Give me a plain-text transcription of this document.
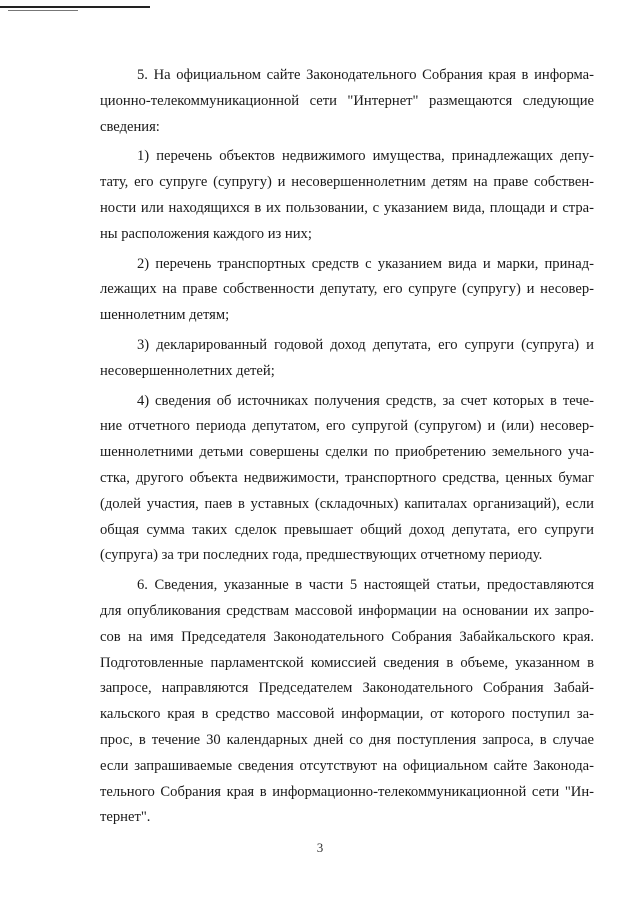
5. На официальном сайте Законодательного Собрания края в информа-
ционно-телекоммуникационной сети "Интернет" размещаются следующие
сведения:
1) перечень объектов недвижимого имущества, принадлежащих депу-
тату, его супруге (супругу) и несовершеннолетним детям на праве собствен-
ности или находящихся в их пользовании, с указанием вида, площади и стра-
ны расположения каждого из них;
2) перечень транспортных средств с указанием вида и марки, принад-
лежащих на праве собственности депутату, его супруге (супругу) и несовер-
шеннолетним детям;
3) декларированный годовой доход депутата, его супруги (супруга) и
несовершеннолетних детей;
4) сведения об источниках получения средств, за счет которых в тече-
ние отчетного периода депутатом, его супругой (супругом) и (или) несовер-
шеннолетними детьми совершены сделки по приобретению земельного уча-
стка, другого объекта недвижимости, транспортного средства, ценных бумаг
(долей участия, паев в уставных (складочных) капиталах организаций), если
общая сумма таких сделок превышает общий доход депутата, его супруги
(супруга) за три последних года, предшествующих отчетному периоду.
6. Сведения, указанные в части 5 настоящей статьи, предоставляются
для опубликования средствам массовой информации на основании их запро-
сов на имя Председателя Законодательного Собрания Забайкальского края.
Подготовленные парламентской комиссией сведения в объеме, указанном в
запросе, направляются Председателем Законодательного Собрания Забай-
кальского края в средство массовой информации, от которого поступил за-
прос, в течение 30 календарных дней со дня поступления запроса, в случае
если запрашиваемые сведения отсутствуют на официальном сайте Законода-
тельного Собрания края в информационно-телекоммуникационной сети "Ин-
тернет".
3
